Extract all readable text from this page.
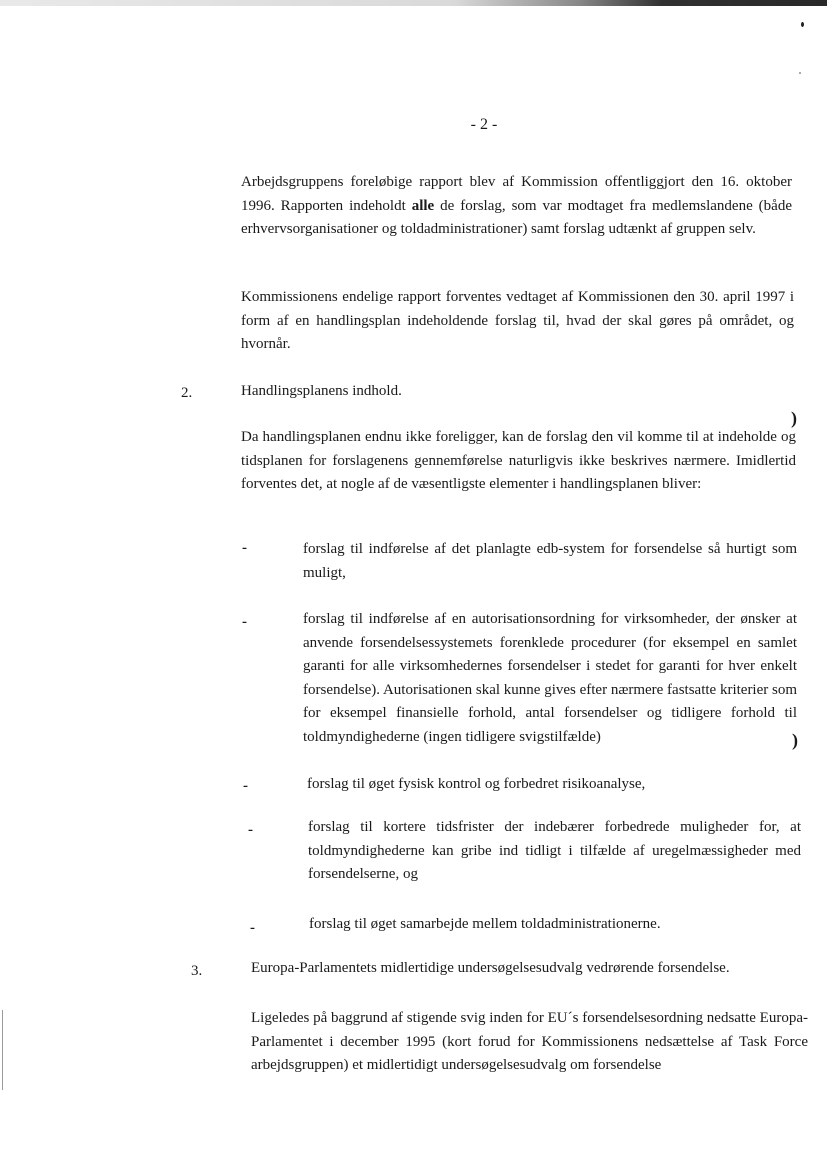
- 2 -

Arbejdsgruppens foreløbige rapport blev af Kommission offentliggjort den 16. oktober 1996. Rapporten indeholdt alle de forslag, som var modtaget fra medlemslandene (både erhvervsorganisationer og toldadministrationer) samt forslag udtænkt af gruppen selv.

Kommissionens endelige rapport forventes vedtaget af Kommissionen den 30. april 1997 i form af en handlingsplan indeholdende forslag til, hvad der skal gøres på området, og hvornår.

2.	Handlingsplanens indhold.

Da handlingsplanen endnu ikke foreligger, kan de forslag den vil komme til at indeholde og tidsplanen for forslagenens gennemførelse naturligvis ikke beskrives nærmere. Imidlertid forventes det, at nogle af de væsentligste elementer i handlingsplanen bliver:

)
-	forslag til indførelse af det planlagte edb-system for forsendelse så hurtigt som muligt,

-	forslag til indførelse af en autorisationsordning for virksomheder, der ønsker at anvende forsendelsessystemets forenklede procedurer (for eksempel en samlet garanti for alle virksomhedernes forsendelser i stedet for garanti for hver enkelt forsendelse). Autorisationen skal kunne gives efter nærmere fastsatte kriterier som for eksempel finansielle forhold, antal forsendelser og tidligere forhold til toldmyndighederne (ingen tidligere svigstilfælde)	)
-	forslag til øget fysisk kontrol og forbedret risikoanalyse,

-	forslag til kortere tidsfrister der indebærer forbedrede muligheder for, at toldmyndighederne kan gribe ind tidligt i tilfælde af uregelmæssigheder med forsendelserne, og

-	forslag til øget samarbejde mellem toldadministrationerne.

3.	Europa-Parlamentets midlertidige undersøgelsesudvalg vedrørende forsendelse.

Ligeledes på baggrund af stigende svig inden for EU´s forsendelsesordning nedsatte Europa-Parlamentet i december 1995 (kort forud for Kommissionens nedsættelse af Task Force arbejdsgruppen) et midlertidigt undersøgelsesudvalg om forsendelse
